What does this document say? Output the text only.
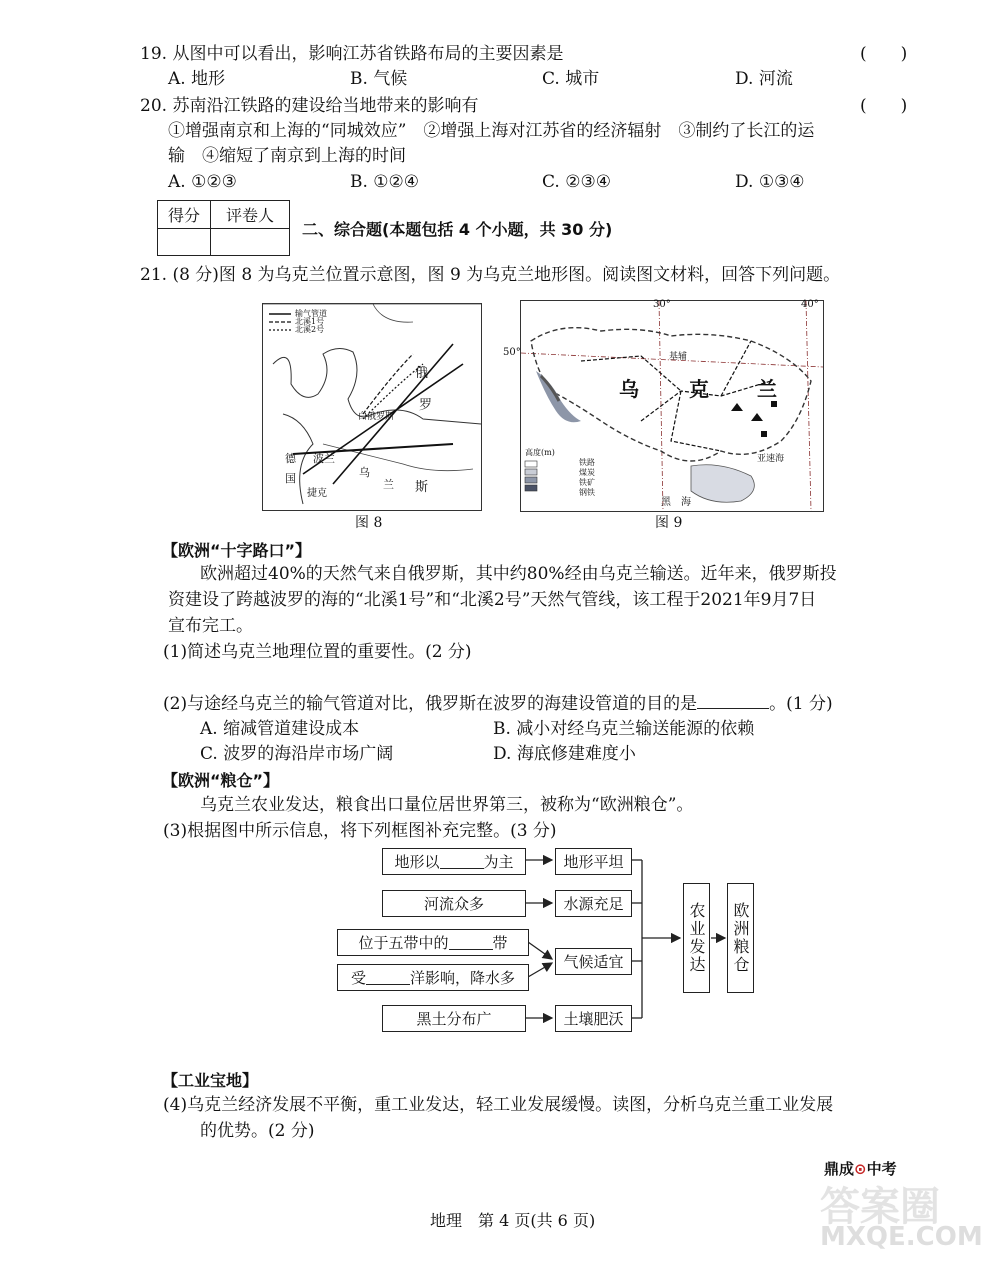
19. 从图中可以看出，影响江苏省铁路布局的主要因素是	(　　)
A. 地形	B. 气候	C. 城市	D. 河流
20. 苏南沿江铁路的建设给当地带来的影响有	(　　)
①增强南京和上海的“同城效应”　②增强上海对江苏省的经济辐射　③制约了长江的运
输　④缩短了南京到上海的时间
A. ①②③	B. ①②④	C. ②③④	D. ①③④
得分	评卷人

二、综合题(本题包括 4 个小题，共 30 分)
21. (8 分)图 8 为乌克兰位置示意图，图 9 为乌克兰地形图。阅读图文材料，回答下列问题。
输气管道
北溪1号
北溪2号
俄
罗
斯
白俄罗斯
德 波兰
国
捷克
乌
兰
图 8
50°
30°	40°
乌	克 兰
基辅
黑　海
亚速海
高度(m)
铁路
煤炭
铁矿
钢铁
图 9
【欧洲“十字路口”】
欧洲超过40%的天然气来自俄罗斯，其中约80%经由乌克兰输送。近年来，俄罗斯投
资建设了跨越波罗的海的“北溪1号”和“北溪2号”天然气管线，该工程于2021年9月7日
宣布完工。
(1)简述乌克兰地理位置的重要性。(2 分)
(2)与途经乌克兰的输气管道对比，俄罗斯在波罗的海建设管道的目的是	。(1 分)
A. 缩减管道建设成本	B. 减小对经乌克兰输送能源的依赖
C. 波罗的海沿岸市场广阔	D. 海底修建难度小
【欧洲“粮仓”】
乌克兰农业发达，粮食出口量位居世界第三，被称为“欧洲粮仓”。
(3)根据图中所示信息，将下列框图补充完整。(3 分)
地形以	为主
河流众多
位于五带中的	带
受	洋影响，降水多
黑土分布广
地形平坦
水源充足
气候适宜
土壤肥沃
农业发达 欧洲粮仓
【工业宝地】
(4)乌克兰经济发展不平衡，重工业发达，轻工业发展缓慢。读图，分析乌克兰重工业发展
的优势。(2 分)
鼎成⊙中考
答案圈
MXQE.COM
地理　第 4 页(共 6 页)
